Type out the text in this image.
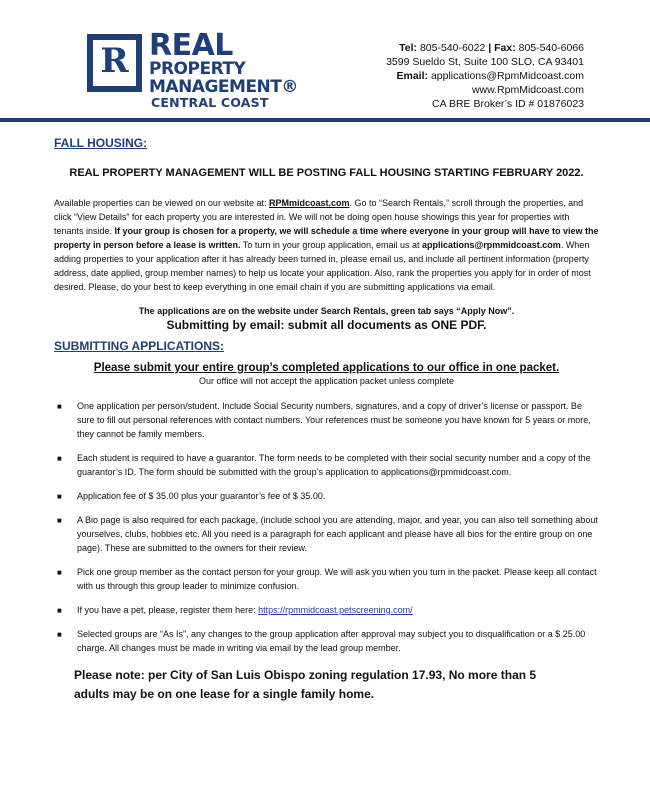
R REAL
PROPERTY
MANAGEMENT®
CENTRAL COAST
Tel: 805-540-6022 | Fax: 805-540-6066
3599 Sueldo St, Suite 100 SLO, CA 93401
Email: applications@RpmMidcoast.com
www.RpmMidcoast.com
CA BRE Broker’s ID # 01876023
FALL HOUSING:
REAL PROPERTY MANAGEMENT WILL BE POSTING FALL HOUSING STARTING FEBRUARY 2022.

Available properties can be viewed on our website at: RPMmidcoast.com. Go to “Search Rentals,” scroll through the properties, and click “View Details” for each property you are interested in. We will not be doing open house showings this year for properties with tenants inside. If your group is chosen for a property, we will schedule a time where everyone in your group will have to view the property in person before a lease is written. To turn in your group application, email us at applications@rpmmidcoast.com. When adding properties to your application after it has already been turned in, please email us, and include all pertinent information (property address, date applied, group member names) to help us locate your application. Also, rank the properties you apply for in order of most desired. Please, do your best to keep everything in one email chain if you are submitting applications via email.

The applications are on the website under Search Rentals, green tab says “Apply Now”.
Submitting by email: submit all documents as ONE PDF.
SUBMITTING APPLICATIONS:
Please submit your entire group’s completed applications to our office in one packet.
Our office will not accept the application packet unless complete
■ One application per person/student. Include Social Security numbers, signatures, and a copy of driver’s license or passport. Be sure to fill out personal references with contact numbers. Your references must be someone you have known for 5 years or more, they cannot be family members.
■ Each student is required to have a guarantor. The form needs to be completed with their social security number and a copy of the guarantor’s ID. The form should be submitted with the group’s application to applications@rpmmidcoast.com.
■ Application fee of $ 35.00 plus your guarantor’s fee of $ 35.00.
■ A Bio page is also required for each package, (include school you are attending, major, and year, you can also tell something about yourselves, clubs, hobbies etc. All you need is a paragraph for each applicant and please have all bios for the entire group on one page). These are submitted to the owners for their review.
■ Pick one group member as the contact person for your group. We will ask you when you turn in the packet. Please keep all contact with us through this group leader to minimize confusion.
■ If you have a pet, please, register them here: https://rpmmidcoast.petscreening.com/
■ Selected groups are “As Is”, any changes to the group application after approval may subject you to disqualification or a $ 25.00 charge. All changes must be made in writing via email by the lead group member.
Please note: per City of San Luis Obispo zoning regulation 17.93, No more than 5
adults may be on one lease for a single family home.
